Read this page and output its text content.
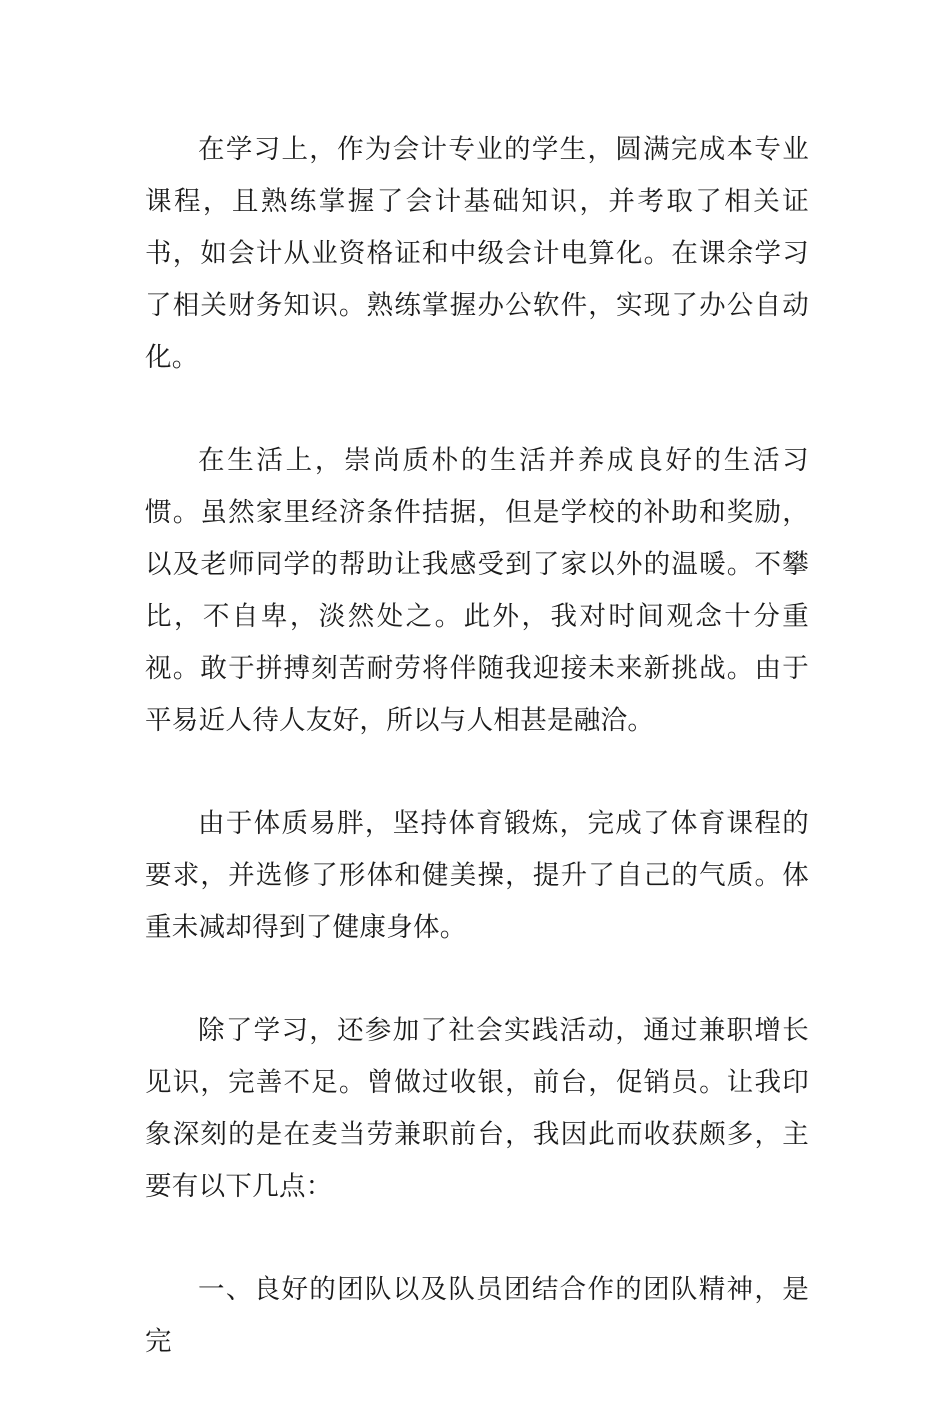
在学习上，作为会计专业的学生，圆满完成本专业课程，且熟练掌握了会计基础知识，并考取了相关证书，如会计从业资格证和中级会计电算化。在课余学习了相关财务知识。熟练掌握办公软件，实现了办公自动化。

在生活上，崇尚质朴的生活并养成良好的生活习惯。虽然家里经济条件拮据，但是学校的补助和奖励，以及老师同学的帮助让我感受到了家以外的温暖。不攀比，不自卑，淡然处之。此外，我对时间观念十分重视。敢于拼搏刻苦耐劳将伴随我迎接未来新挑战。由于平易近人待人友好，所以与人相甚是融洽。

由于体质易胖，坚持体育锻炼，完成了体育课程的要求，并选修了形体和健美操，提升了自己的气质。体重未减却得到了健康身体。

除了学习，还参加了社会实践活动，通过兼职增长见识，完善不足。曾做过收银，前台，促销员。让我印象深刻的是在麦当劳兼职前台，我因此而收获颇多，主要有以下几点：

一、良好的团队以及队员团结合作的团队精神，是完
